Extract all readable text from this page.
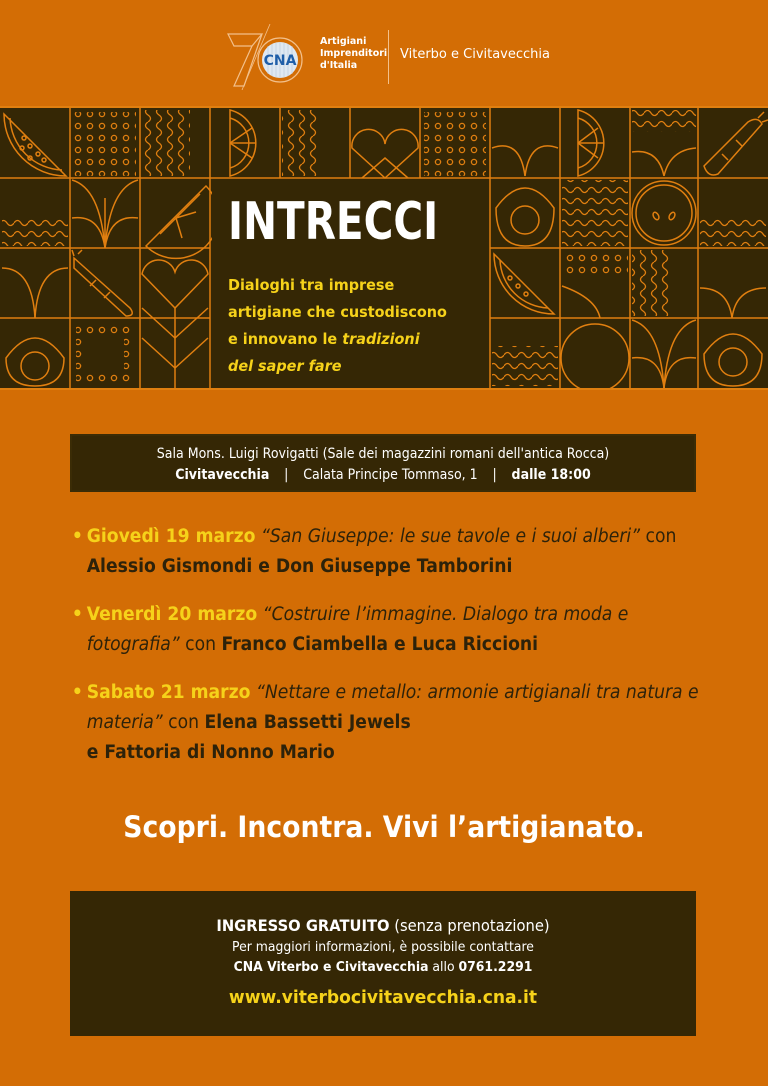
CNA
Artigiani
Imprenditori
d'Italia
Viterbo e Civitavecchia
INTRECCI
Dialoghi tra imprese
artigiane che custodiscono
e innovano le tradizioni
del saper fare
Sala Mons. Luigi Rovigatti (Sale dei magazzini romani dell'antica Rocca)
Civitavecchia | Calata Principe Tommaso, 1 | dalle 18:00
• Giovedì 19 marzo “San Giuseppe: le sue tavole e i suoi alberi” con Alessio Gismondi e Don Giuseppe Tamborini
• Venerdì 20 marzo “Costruire l’immagine. Dialogo tra moda e fotografia” con Franco Ciambella e Luca Riccioni
• Sabato 21 marzo “Nettare e metallo: armonie artigianali tra natura e materia” con Elena Bassetti Jewels
e Fattoria di Nonno Mario
Scopri. Incontra. Vivi l’artigianato.
INGRESSO GRATUITO (senza prenotazione)
Per maggiori informazioni, è possibile contattare
CNA Viterbo e Civitavecchia allo 0761.2291
www.viterbocivitavecchia.cna.it
